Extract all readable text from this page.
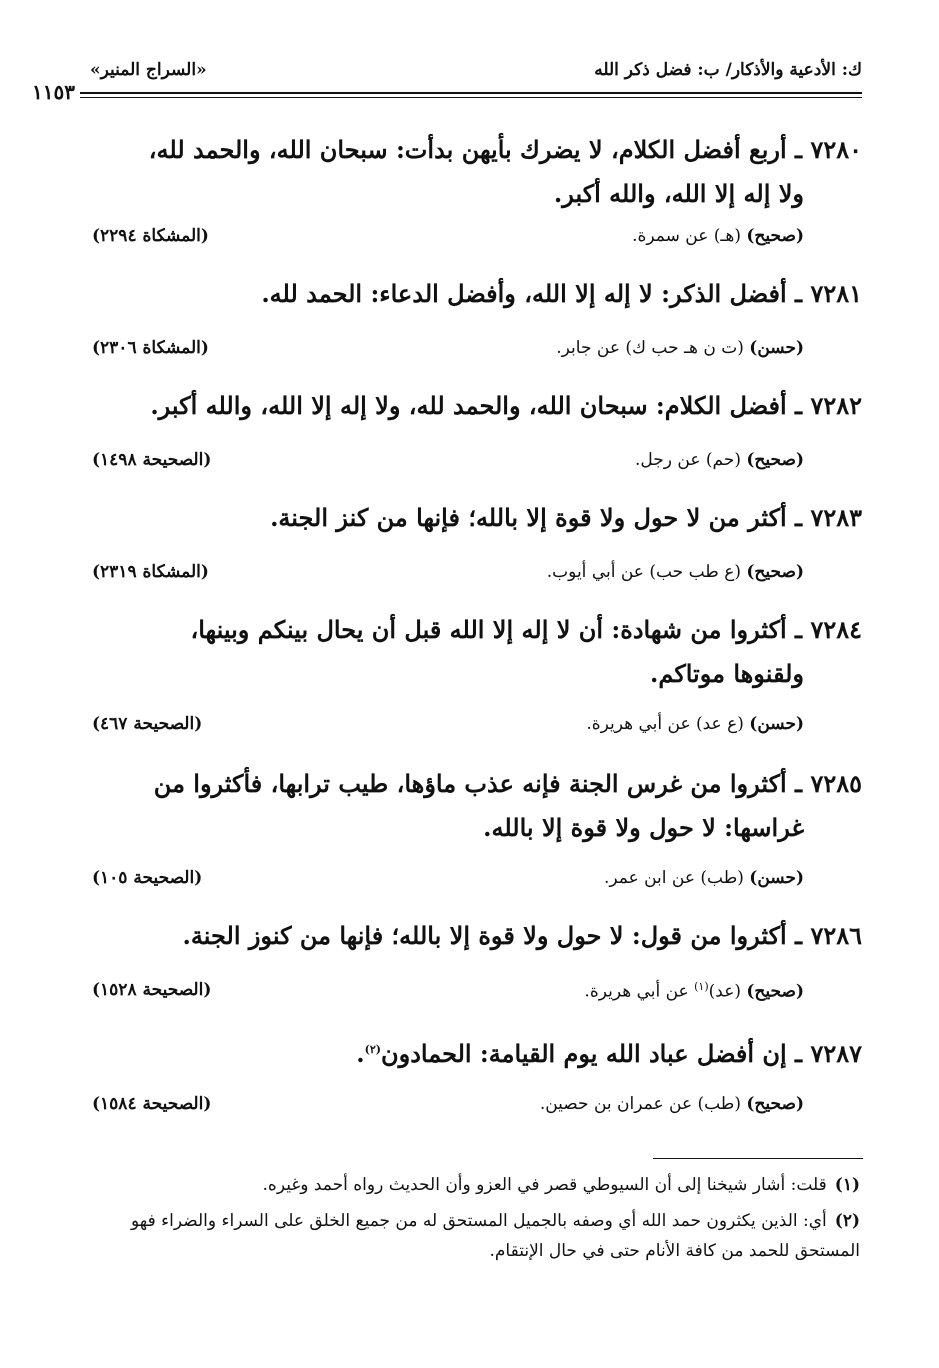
ك: الأدعية والأذكار/ ب: فضل ذكر الله
«السراج المنير»
١١٥٣
٧٢٨٠ ـ أربع أفضل الكلام، لا يضرك بأيهن بدأت: سبحان الله، والحمد لله،
ولا إله إلا الله، والله أكبر.
(صحيح) (هـ) عن سمرة.
(المشكاة ٢٢٩٤)
٧٢٨١ ـ أفضل الذكر: لا إله إلا الله، وأفضل الدعاء: الحمد لله.
(حسن) (ت ن هـ حب ك) عن جابر.
(المشكاة ٢٣٠٦)
٧٢٨٢ ـ أفضل الكلام: سبحان الله، والحمد لله، ولا إله إلا الله، والله أكبر.
(صحيح) (حم) عن رجل.
(الصحيحة ١٤٩٨)
٧٢٨٣ ـ أكثر من لا حول ولا قوة إلا بالله؛ فإنها من كنز الجنة.
(صحيح) (ع طب حب) عن أبي أيوب.
(المشكاة ٢٣١٩)
٧٢٨٤ ـ أكثروا من شهادة: أن لا إله إلا الله قبل أن يحال بينكم وبينها،
ولقنوها موتاكم.
(حسن) (ع عد) عن أبي هريرة.
(الصحيحة ٤٦٧)
٧٢٨٥ ـ أكثروا من غرس الجنة فإنه عذب ماؤها، طيب ترابها، فأكثروا من
غراسها: لا حول ولا قوة إلا بالله.
(حسن) (طب) عن ابن عمر.
(الصحيحة ١٠٥)
٧٢٨٦ ـ أكثروا من قول: لا حول ولا قوة إلا بالله؛ فإنها من كنوز الجنة.
(صحيح) (عد)$^{(١)}$ عن أبي هريرة.
(الصحيحة ١٥٢٨)
٧٢٨٧ ـ إن أفضل عباد الله يوم القيامة: الحمادون$^{(٢)}$.
(صحيح) (طب) عن عمران بن حصين.
(الصحيحة ١٥٨٤)
(١)قلت: أشار شيخنا إلى أن السيوطي قصر في العزو وأن الحديث رواه أحمد وغيره.
(٢)أي: الذين يكثرون حمد الله أي وصفه بالجميل المستحق له من جميع الخلق على السراء والضراء فهو المستحق للحمد من كافة الأنام حتى في حال الإنتقام.
